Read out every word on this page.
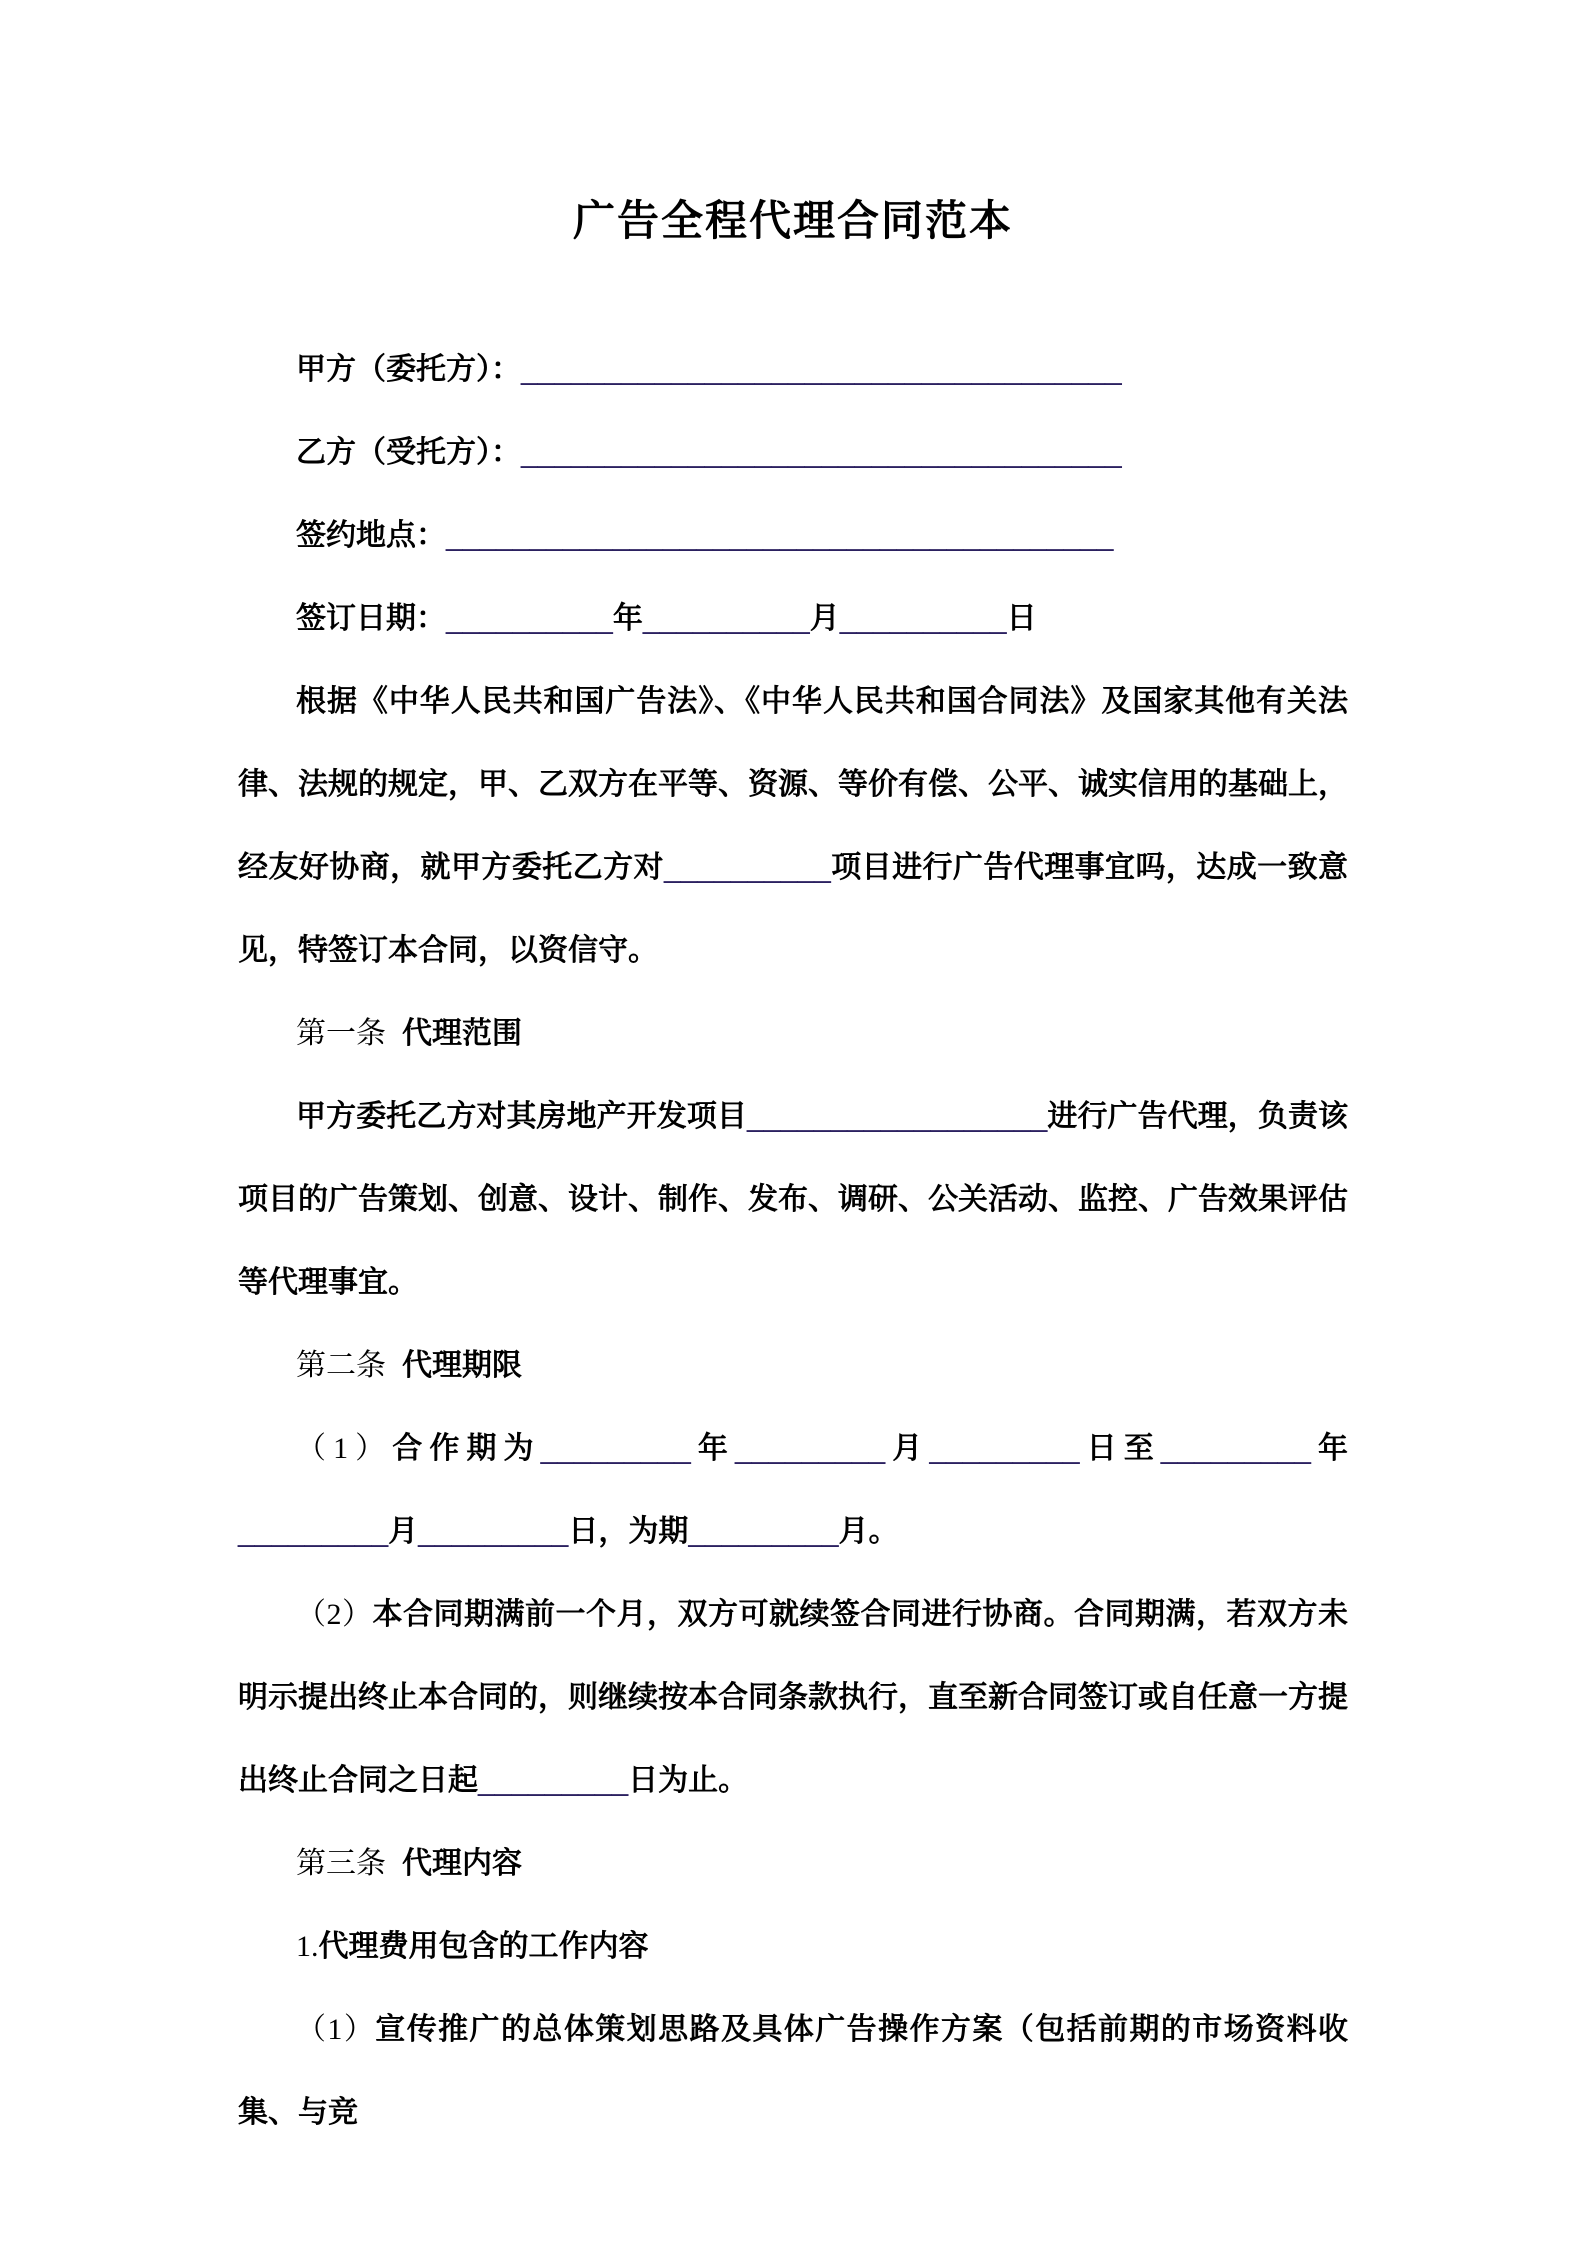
广告全程代理合同范本

甲方（委托方）：____________________________________

乙方（受托方）：____________________________________

签约地点：________________________________________

签订日期：__________年__________月__________日

根据《中华人民共和国广告法》、《中华人民共和国合同法》及国家其他有关法律、法规的规定，甲、乙双方在平等、资源、等价有偿、公平、诚实信用的基础上，经友好协商，就甲方委托乙方对__________项目进行广告代理事宜吗，达成一致意见，特签订本合同，以资信守。

第一条 代理范围

甲方委托乙方对其房地产开发项目__________________进行广告代理，负责该项目的广告策划、创意、设计、制作、发布、调研、公关活动、监控、广告效果评估等代理事宜。

第二条 代理期限

（1）合作期为_________年_________月_________日至_________年_________月_________日，为期_________月。

（2）本合同期满前一个月，双方可就续签合同进行协商。合同期满，若双方未明示提出终止本合同的，则继续按本合同条款执行，直至新合同签订或自任意一方提出终止合同之日起_________日为止。

第三条 代理内容

1.代理费用包含的工作内容

（1）宣传推广的总体策划思路及具体广告操作方案（包括前期的市场资料收集、与竞
